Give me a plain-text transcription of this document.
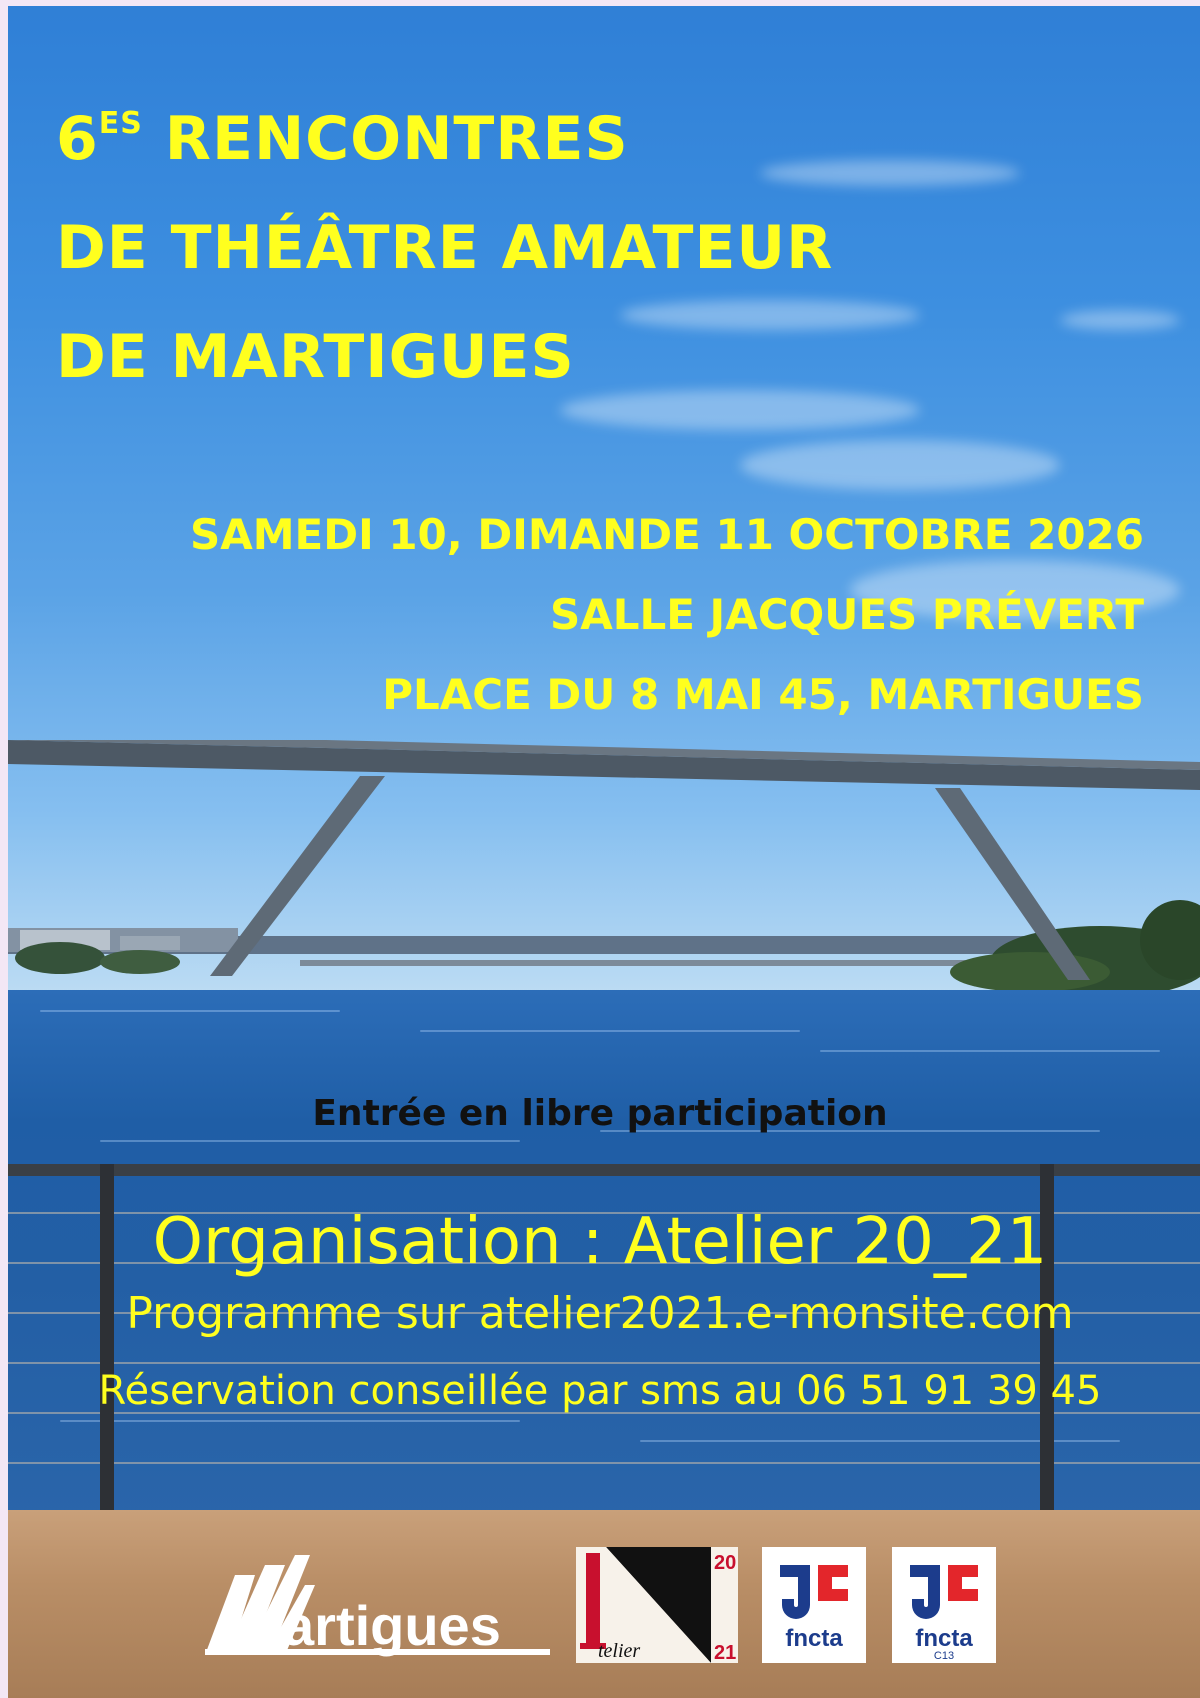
$6^{ES}$ RENCONTRES
DE THÉÂTRE AMATEUR
DE MARTIGUES

SAMEDI 10, DIMANDE 11 OCTOBRE 2026

SALLE JACQUES PRÉVERT

PLACE DU 8 MAI 45, MARTIGUES

Entrée en libre participation

Organisation : Atelier 20_21

Programme sur atelier2021.e-monsite.com

Réservation conseillée par sms au 06 51 91 39 45

artigues
20
21
telier	fncta	fncta
C13
